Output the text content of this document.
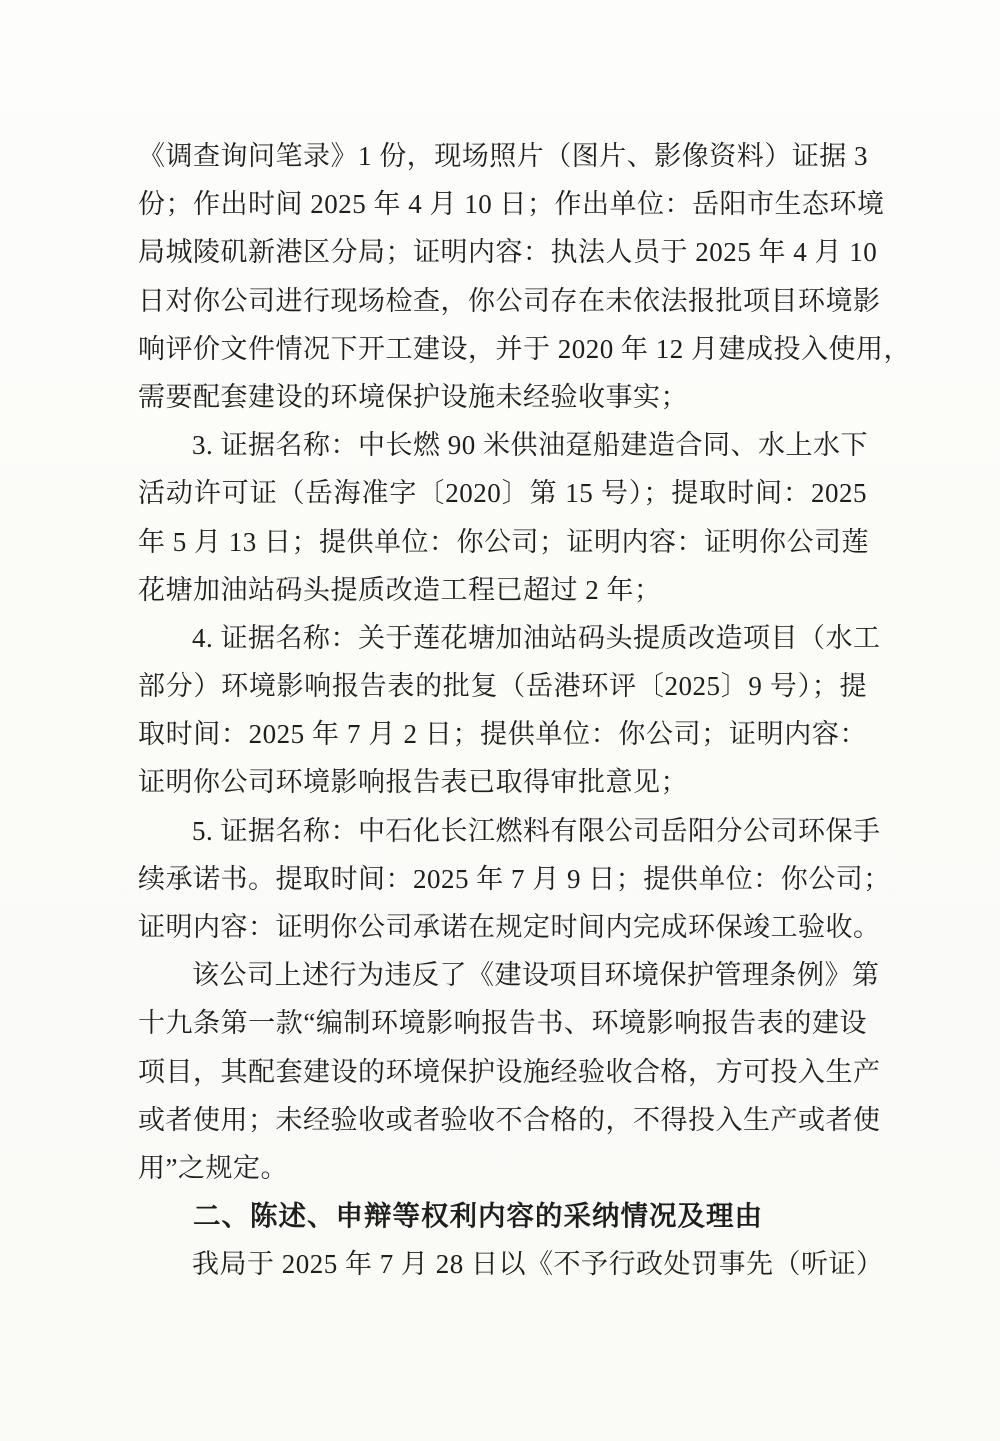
《调查询问笔录》1 份，现场照片（图片、影像资料）证据 3
份；作出时间 2025 年 4 月 10 日；作出单位：岳阳市生态环境
局城陵矶新港区分局；证明内容：执法人员于 2025 年 4 月 10
日对你公司进行现场检查，你公司存在未依法报批项目环境影
响评价文件情况下开工建设，并于 2020 年 12 月建成投入使用，
需要配套建设的环境保护设施未经验收事实；
3. 证据名称：中长燃 90 米供油趸船建造合同、水上水下
活动许可证（岳海准字〔2020〕第 15 号）；提取时间：2025
年 5 月 13 日；提供单位：你公司；证明内容：证明你公司莲
花塘加油站码头提质改造工程已超过 2 年；
4. 证据名称：关于莲花塘加油站码头提质改造项目（水工
部分）环境影响报告表的批复（岳港环评〔2025〕9 号）；提
取时间：2025 年 7 月 2 日；提供单位：你公司；证明内容：
证明你公司环境影响报告表已取得审批意见；
5. 证据名称：中石化长江燃料有限公司岳阳分公司环保手
续承诺书。提取时间：2025 年 7 月 9 日；提供单位：你公司；
证明内容：证明你公司承诺在规定时间内完成环保竣工验收。
该公司上述行为违反了《建设项目环境保护管理条例》第
十九条第一款“编制环境影响报告书、环境影响报告表的建设
项目，其配套建设的环境保护设施经验收合格，方可投入生产
或者使用；未经验收或者验收不合格的，不得投入生产或者使
用”之规定。
二、陈述、申辩等权利内容的采纳情况及理由
我局于 2025 年 7 月 28 日以《不予行政处罚事先（听证）
